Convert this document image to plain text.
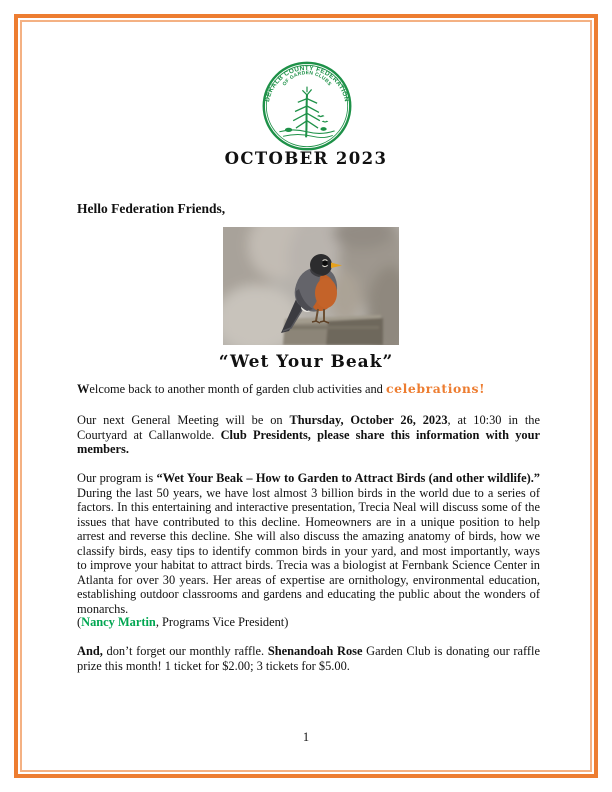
DEKALB COUNTY FEDERATION
OF GARDEN CLUBS
OCTOBER 2023
Hello Federation Friends,
“Wet Your Beak”
Welcome back to another month of garden club activities and celebrations!
Our next General Meeting will be on Thursday, October 26, 2023, at 10:30 in the Courtyard at Callanwolde. Club Presidents, please share this information with your members.
Our program is “Wet Your Beak – How to Garden to Attract Birds (and other wildlife).” During the last 50 years, we have lost almost 3 billion birds in the world due to a series of factors. In this entertaining and interactive presentation, Trecia Neal will discuss some of the issues that have contributed to this decline. Homeowners are in a unique position to help arrest and reverse this decline. She will also discuss the amazing anatomy of birds, how we classify birds, easy tips to identify common birds in your yard, and most importantly, ways to improve your habitat to attract birds. Trecia was a biologist at Fernbank Science Center in Atlanta for over 30 years. Her areas of expertise are ornithology, environmental education, establishing outdoor classrooms and gardens and educating the public about the wonders of monarchs.
(Nancy Martin, Programs Vice President)
And, don’t forget our monthly raffle. Shenandoah Rose Garden Club is donating our raffle prize this month! 1 ticket for $2.00; 3 tickets for $5.00.
1
